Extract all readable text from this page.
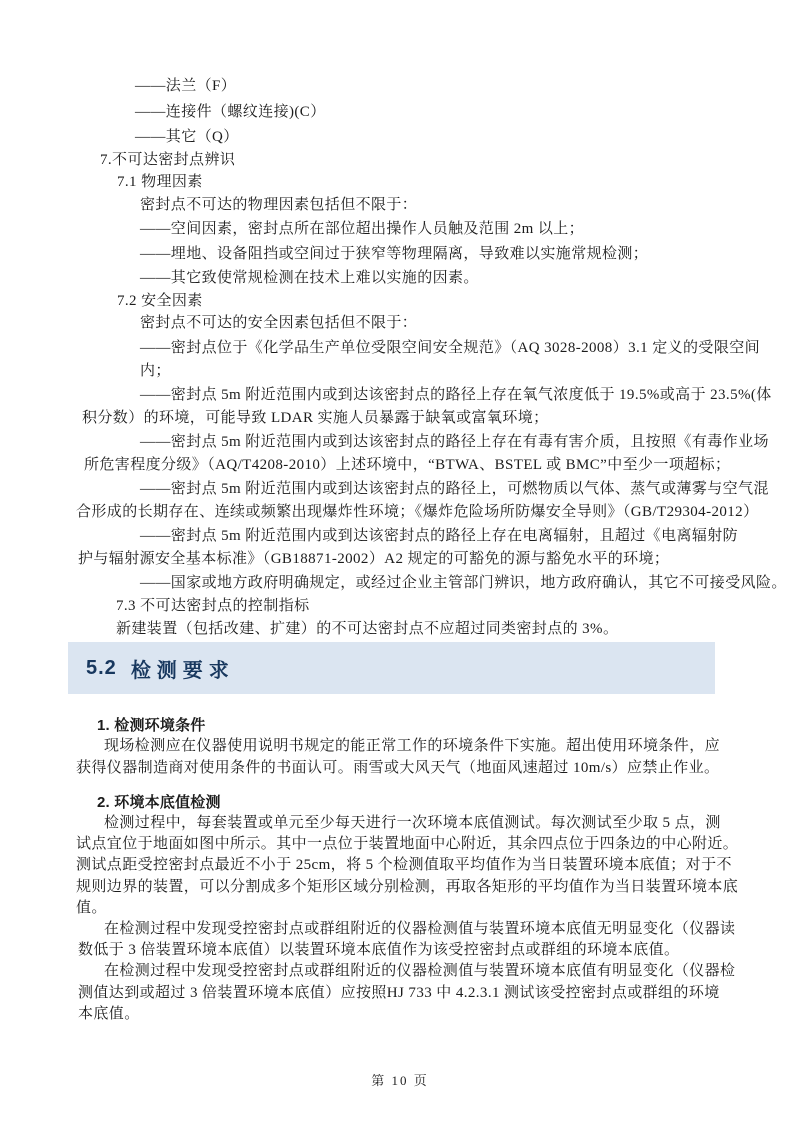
——法兰（F）
——连接件（螺纹连接)(C）
——其它（Q）
7.不可达密封点辨识
7.1 物理因素
密封点不可达的物理因素包括但不限于：
——空间因素，密封点所在部位超出操作人员触及范围 2m 以上；
——埋地、设备阻挡或空间过于狭窄等物理隔离，导致难以实施常规检测；
——其它致使常规检测在技术上难以实施的因素。
7.2 安全因素
密封点不可达的安全因素包括但不限于：
——密封点位于《化学品生产单位受限空间安全规范》（AQ 3028-2008）3.1 定义的受限空间
内；
——密封点 5m 附近范围内或到达该密封点的路径上存在氧气浓度低于 19.5%或高于 23.5%(体
积分数）的环境，可能导致 LDAR 实施人员暴露于缺氧或富氧环境；
——密封点 5m 附近范围内或到达该密封点的路径上存在有毒有害介质，且按照《有毒作业场
所危害程度分级》（AQ/T4208-2010）上述环境中，“BTWA、BSTEL 或 BMC”中至少一项超标；
——密封点 5m 附近范围内或到达该密封点的路径上，可燃物质以气体、蒸气或薄雾与空气混
合形成的长期存在、连续或频繁出现爆炸性环境；《爆炸危险场所防爆安全导则》（GB/T29304-2012）
——密封点 5m 附近范围内或到达该密封点的路径上存在电离辐射，且超过《电离辐射防
护与辐射源安全基本标准》（GB18871-2002）A2 规定的可豁免的源与豁免水平的环境；
——国家或地方政府明确规定，或经过企业主管部门辨识，地方政府确认，其它不可接受风险。
7.3 不可达密封点的控制指标
新建装置（包括改建、扩建）的不可达密封点不应超过同类密封点的 3%。
5.2 检测要求
1. 检测环境条件
现场检测应在仪器使用说明书规定的能正常工作的环境条件下实施。超出使用环境条件，应
获得仪器制造商对使用条件的书面认可。雨雪或大风天气（地面风速超过 10m/s）应禁止作业。
2. 环境本底值检测
检测过程中，每套装置或单元至少每天进行一次环境本底值测试。每次测试至少取 5 点，测
试点宜位于地面如图中所示。其中一点位于装置地面中心附近，其余四点位于四条边的中心附近。
测试点距受控密封点最近不小于 25cm，将 5 个检测值取平均值作为当日装置环境本底值；对于不
规则边界的装置，可以分割成多个矩形区域分别检测，再取各矩形的平均值作为当日装置环境本底
值。
在检测过程中发现受控密封点或群组附近的仪器检测值与装置环境本底值无明显变化（仪器读
数低于 3 倍装置环境本底值）以装置环境本底值作为该受控密封点或群组的环境本底值。
在检测过程中发现受控密封点或群组附近的仪器检测值与装置环境本底值有明显变化（仪器检
测值达到或超过 3 倍装置环境本底值）应按照HJ 733 中 4.2.3.1 测试该受控密封点或群组的环境
本底值。
第 10 页
